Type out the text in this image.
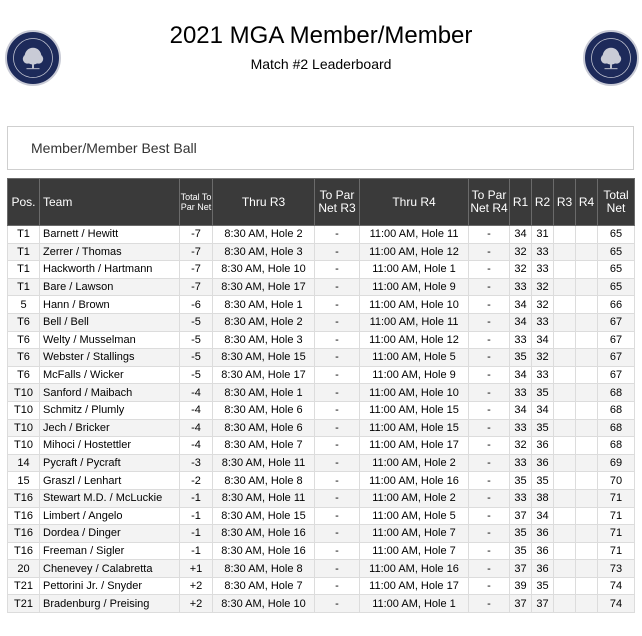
2021 MGA Member/Member
Match #2 Leaderboard
Member/Member Best Ball
Pos.	Team	Total To Par Net	Thru R3	To Par Net R3	Thru R4	To Par Net R4	R1	R2	R3	R4	Total Net
T1	Barnett / Hewitt	-7	8:30 AM, Hole 2	-	11:00 AM, Hole 11	-	34	31			65
T1	Zerrer / Thomas	-7	8:30 AM, Hole 3	-	11:00 AM, Hole 12	-	32	33			65
T1	Hackworth / Hartmann	-7	8:30 AM, Hole 10	-	11:00 AM, Hole 1	-	32	33			65
T1	Bare / Lawson	-7	8:30 AM, Hole 17	-	11:00 AM, Hole 9	-	33	32			65
5	Hann / Brown	-6	8:30 AM, Hole 1	-	11:00 AM, Hole 10	-	34	32			66
T6	Bell / Bell	-5	8:30 AM, Hole 2	-	11:00 AM, Hole 11	-	34	33			67
T6	Welty / Musselman	-5	8:30 AM, Hole 3	-	11:00 AM, Hole 12	-	33	34			67
T6	Webster / Stallings	-5	8:30 AM, Hole 15	-	11:00 AM, Hole 5	-	35	32			67
T6	McFalls / Wicker	-5	8:30 AM, Hole 17	-	11:00 AM, Hole 9	-	34	33			67
T10	Sanford / Maibach	-4	8:30 AM, Hole 1	-	11:00 AM, Hole 10	-	33	35			68
T10	Schmitz / Plumly	-4	8:30 AM, Hole 6	-	11:00 AM, Hole 15	-	34	34			68
T10	Jech / Bricker	-4	8:30 AM, Hole 6	-	11:00 AM, Hole 15	-	33	35			68
T10	Mihoci / Hostettler	-4	8:30 AM, Hole 7	-	11:00 AM, Hole 17	-	32	36			68
14	Pycraft / Pycraft	-3	8:30 AM, Hole 11	-	11:00 AM, Hole 2	-	33	36			69
15	Graszl / Lenhart	-2	8:30 AM, Hole 8	-	11:00 AM, Hole 16	-	35	35			70
T16	Stewart M.D. / McLuckie	-1	8:30 AM, Hole 11	-	11:00 AM, Hole 2	-	33	38			71
T16	Limbert / Angelo	-1	8:30 AM, Hole 15	-	11:00 AM, Hole 5	-	37	34			71
T16	Dordea / Dinger	-1	8:30 AM, Hole 16	-	11:00 AM, Hole 7	-	35	36			71
T16	Freeman / Sigler	-1	8:30 AM, Hole 16	-	11:00 AM, Hole 7	-	35	36			71
20	Chenevey / Calabretta	+1	8:30 AM, Hole 8	-	11:00 AM, Hole 16	-	37	36			73
T21	Pettorini Jr. / Snyder	+2	8:30 AM, Hole 7	-	11:00 AM, Hole 17	-	39	35			74
T21	Bradenburg / Preising	+2	8:30 AM, Hole 10	-	11:00 AM, Hole 1	-	37	37			74
